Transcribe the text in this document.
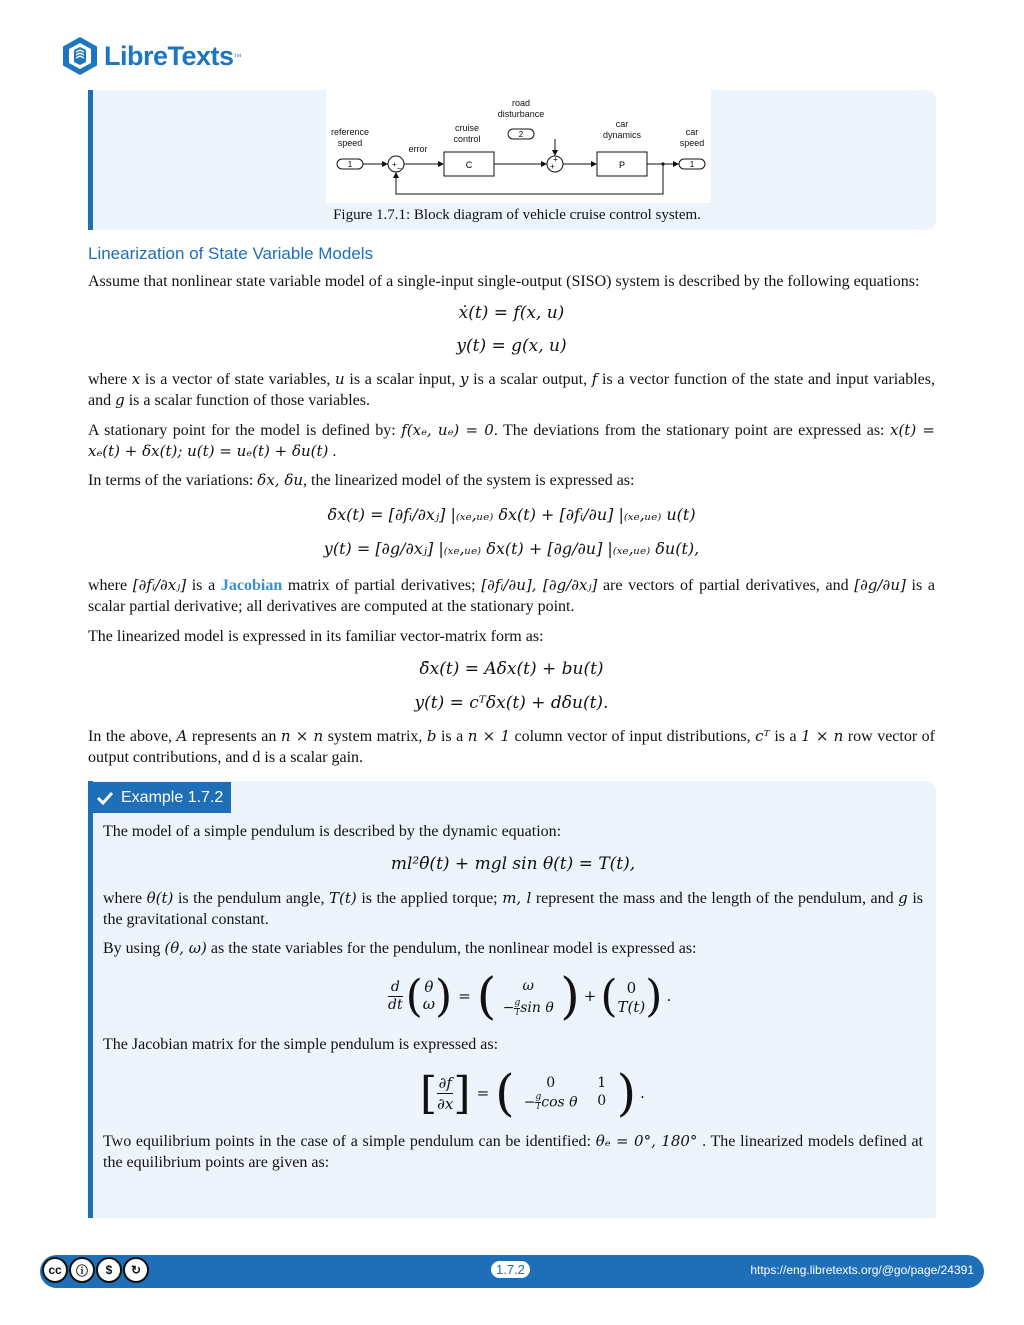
LibreTexts ™
reference
speed
error
cruise
control
road
disturbance
car
dynamics	car
speed
1
2
+ −	C	+
+
P	1
Figure 1.7.1: Block diagram of vehicle cruise control system.
Linearization of State Variable Models
Assume that nonlinear state variable model of a single-input single-output (SISO) system is described by the following equations:
ẋ(t) = f(x, u)
y(t) = g(x, u)
where x is a vector of state variables, u is a scalar input, y is a scalar output, f is a vector function of the state and input variables, and g is a scalar function of those variables.
A stationary point for the model is defined by: f(xₑ, uₑ) = 0. The deviations from the stationary point are expressed as: x(t) = xₑ(t) + δx(t); u(t) = uₑ(t) + δu(t) .
In terms of the variations: δx, δu, the linearized model of the system is expressed as:
δ̇x(t) = [∂fᵢ/∂xⱼ] |₍ₓₑ,ᵤₑ₎ δx(t) + [∂fᵢ/∂u] |₍ₓₑ,ᵤₑ₎ u(t)
y(t) = [∂g/∂xⱼ] |₍ₓₑ,ᵤₑ₎ δx(t) + [∂g/∂u] |₍ₓₑ,ᵤₑ₎ δu(t),
where [∂fᵢ/∂xⱼ] is a Jacobian matrix of partial derivatives; [∂fᵢ/∂u], [∂g/∂xⱼ] are vectors of partial derivatives, and [∂g/∂u] is a scalar partial derivative; all derivatives are computed at the stationary point.
The linearized model is expressed in its familiar vector-matrix form as:
δ̇x(t) = Aδx(t) + bu(t)
y(t) = cᵀδx(t) + dδu(t).
In the above, A represents an n × n system matrix, b is a n × 1 column vector of input distributions, cᵀ is a 1 × n row vector of output contributions, and d is a scalar gain.
Example 1.7.2
The model of a simple pendulum is described by the dynamic equation:
ml²θ̈(t) + mgl sin θ(t) = T(t),
where θ(t) is the pendulum angle, T(t) is the applied torque; m, l represent the mass and the length of the pendulum, and g is the gravitational constant.
By using (θ, ω) as the state variables for the pendulum, the nonlinear model is expressed as:
$\frac{d}{dt}$ ( θ
ω ) = (	ω
− $\frac{g}{l}$ sin θ ) + ( 0
T(t) ) .
The Jacobian matrix for the simple pendulum is expressed as:
[ $\frac{\partial f}{\partial x}$ ] = (	0	1
− $\frac{g}{l}$ cos θ	0 ) .
Two equilibrium points in the case of a simple pendulum can be identified: θₑ = 0°, 180° . The linearized models defined at the equilibrium points are given as:
cc	ⓘ	$	↻	1.7.2	https://eng.libretexts.org/@go/page/24391
